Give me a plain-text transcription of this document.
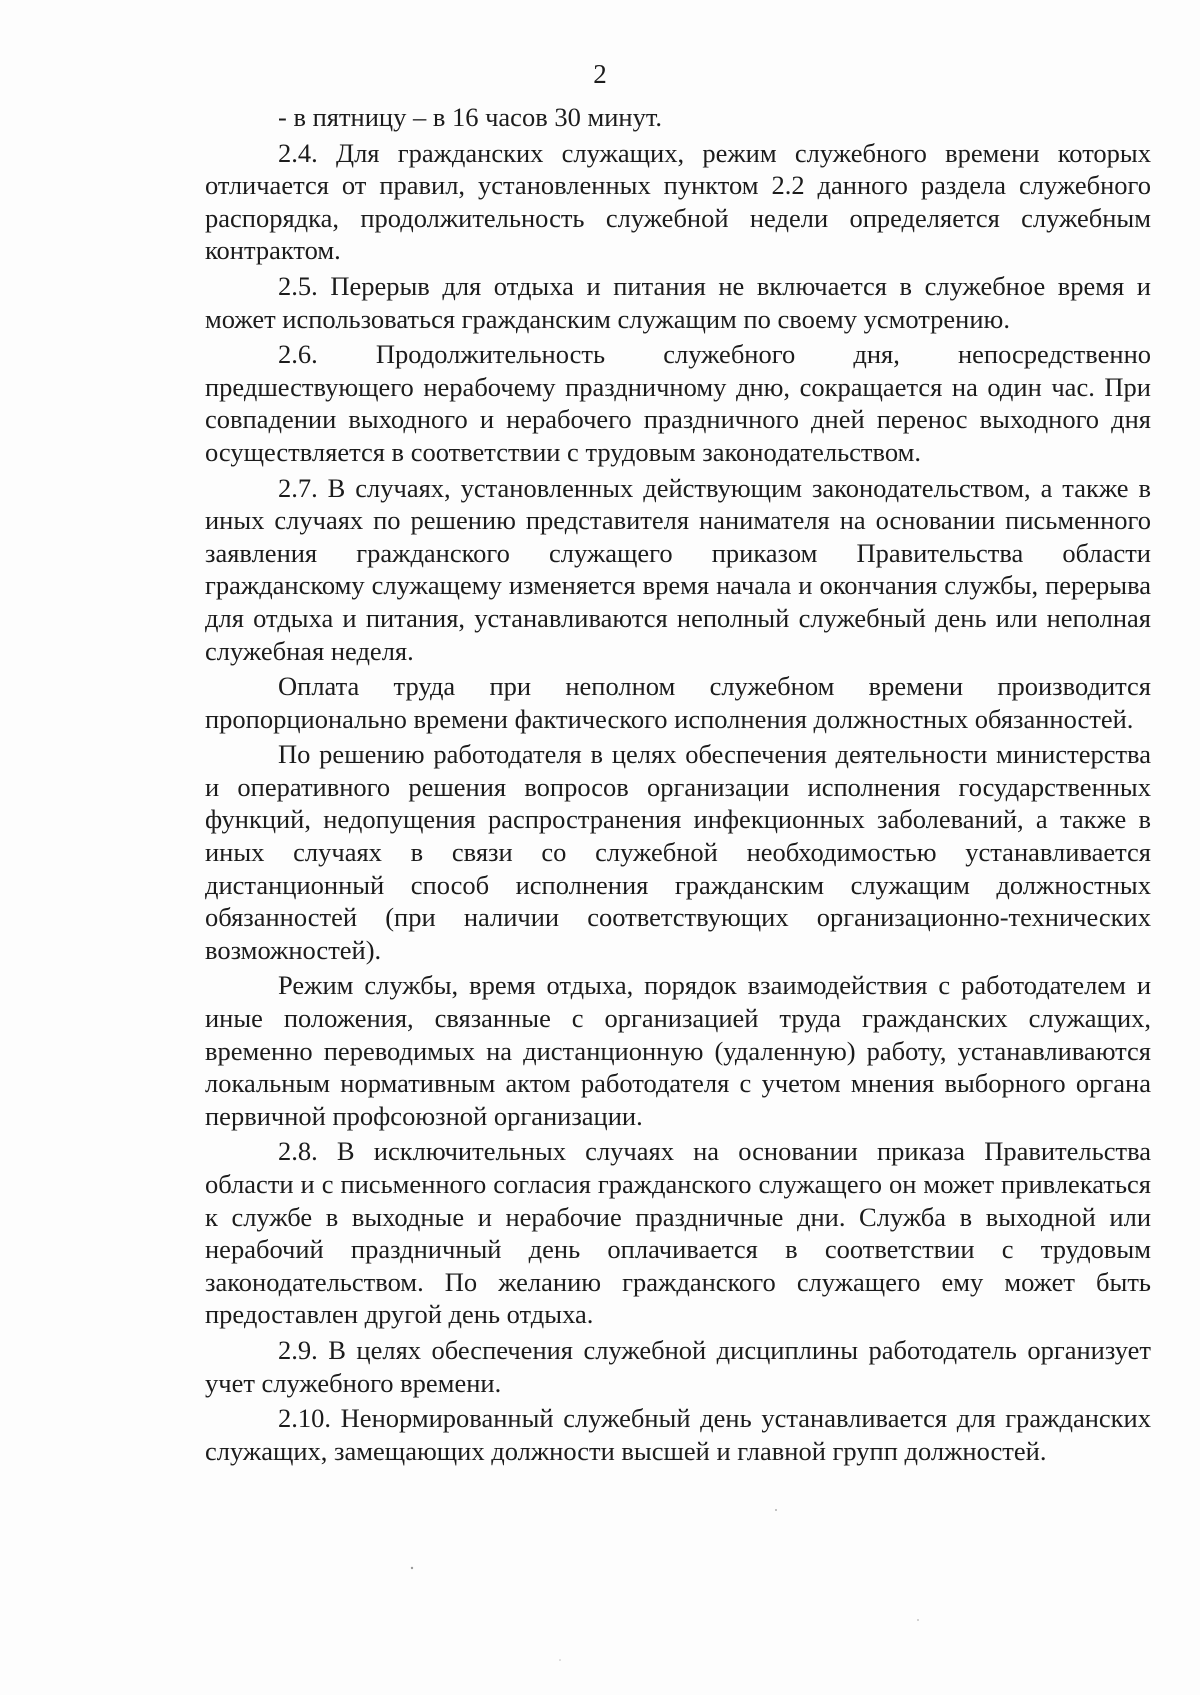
2

- в пятницу – в 16 часов 30 минут.

2.4. Для гражданских служащих, режим служебного времени которых отличается от правил, установленных пунктом 2.2 данного раздела служебного распорядка, продолжительность служебной недели определяется служебным контрактом.

2.5. Перерыв для отдыха и питания не включается в служебное время и может использоваться гражданским служащим по своему усмотрению.

2.6. Продолжительность служебного дня, непосредственно предшествующего нерабочему праздничному дню, сокращается на один час. При совпадении выходного и нерабочего праздничного дней перенос выходного дня осуществляется в соответствии с трудовым законодательством.

2.7. В случаях, установленных действующим законодательством, а также в иных случаях по решению представителя нанимателя на основании письменного заявления гражданского служащего приказом Правительства области гражданскому служащему изменяется время начала и окончания службы, перерыва для отдыха и питания, устанавливаются неполный служебный день или неполная служебная неделя.

Оплата труда при неполном служебном времени производится пропорционально времени фактического исполнения должностных обязанностей.

По решению работодателя в целях обеспечения деятельности министерства и оперативного решения вопросов организации исполнения государственных функций, недопущения распространения инфекционных заболеваний, а также в иных случаях в связи со служебной необходимостью устанавливается дистанционный способ исполнения гражданским служащим должностных обязанностей (при наличии соответствующих организационно-технических возможностей).

Режим службы, время отдыха, порядок взаимодействия с работодателем и иные положения, связанные с организацией труда гражданских служащих, временно переводимых на дистанционную (удаленную) работу, устанавливаются локальным нормативным актом работодателя с учетом мнения выборного органа первичной профсоюзной организации.

2.8. В исключительных случаях на основании приказа Правительства области и с письменного согласия гражданского служащего он может привлекаться к службе в выходные и нерабочие праздничные дни. Служба в выходной или нерабочий праздничный день оплачивается в соответствии с трудовым законодательством. По желанию гражданского служащего ему может быть предоставлен другой день отдыха.

2.9. В целях обеспечения служебной дисциплины работодатель организует учет служебного времени.

2.10. Ненормированный служебный день устанавливается для гражданских служащих, замещающих должности высшей и главной групп должностей.
